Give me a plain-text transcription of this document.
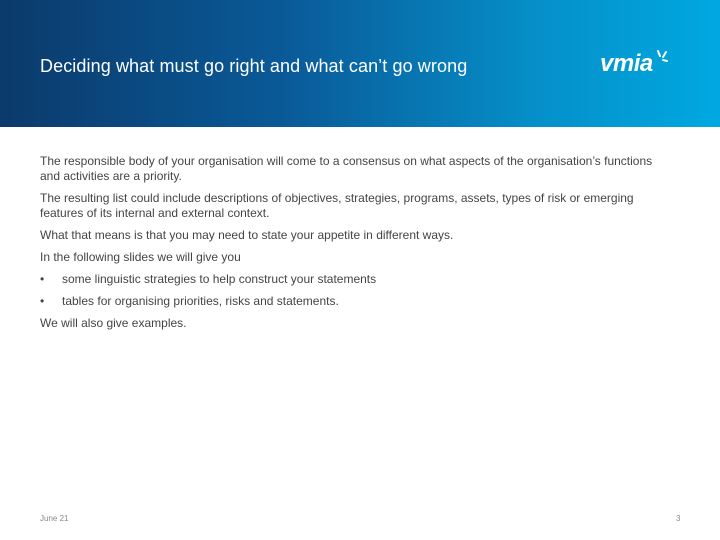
Deciding what must go right and what can’t go wrong	vmia

The responsible body of your organisation will come to a consensus on what aspects of the organisation’s functions and activities are a priority.

The resulting list could include descriptions of objectives, strategies, programs, assets, types of risk or emerging features of its internal and external context.

What that means is that you may need to state your appetite in different ways.

In the following slides we will give you

•	some linguistic strategies to help construct your statements
•	tables for organising priorities, risks and statements.

We will also give examples.

June 21	3
